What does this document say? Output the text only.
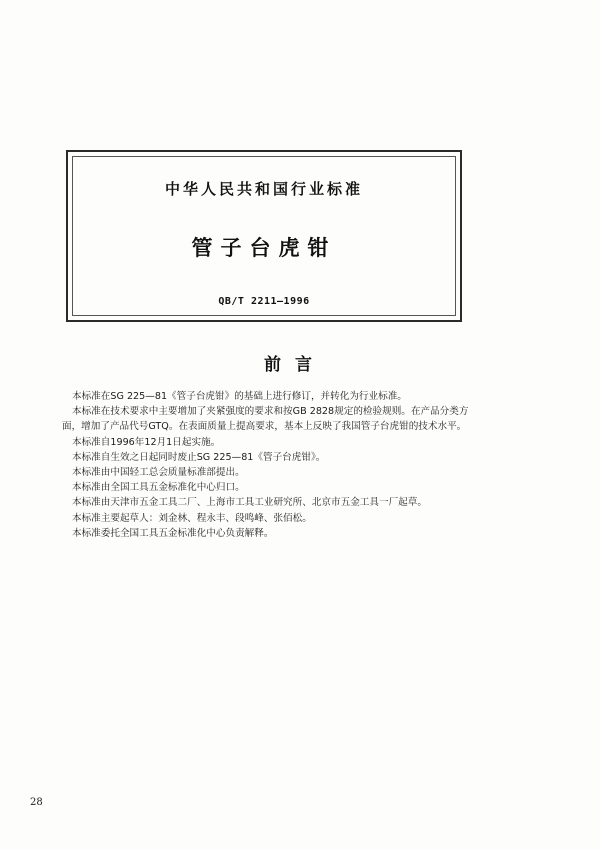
中华人民共和国行业标准
管子台虎钳
QB/T 2211—1996
前言

本标准在SG 225—81《管子台虎钳》的基础上进行修订，并转化为行业标准。

本标准在技术要求中主要增加了夹紧强度的要求和按GB 2828规定的检验规则。在产品分类方面，增加了产品代号GTQ。在表面质量上提高要求，基本上反映了我国管子台虎钳的技术水平。

本标准自1996年12月1日起实施。

本标准自生效之日起同时废止SG 225—81《管子台虎钳》。

本标准由中国轻工总会质量标准部提出。

本标准由全国工具五金标准化中心归口。

本标准由天津市五金工具二厂、上海市工具工业研究所、北京市五金工具一厂起草。

本标准主要起草人：刘金林、程永丰、段鸣峰、张佰松。

本标准委托全国工具五金标准化中心负责解释。

28
